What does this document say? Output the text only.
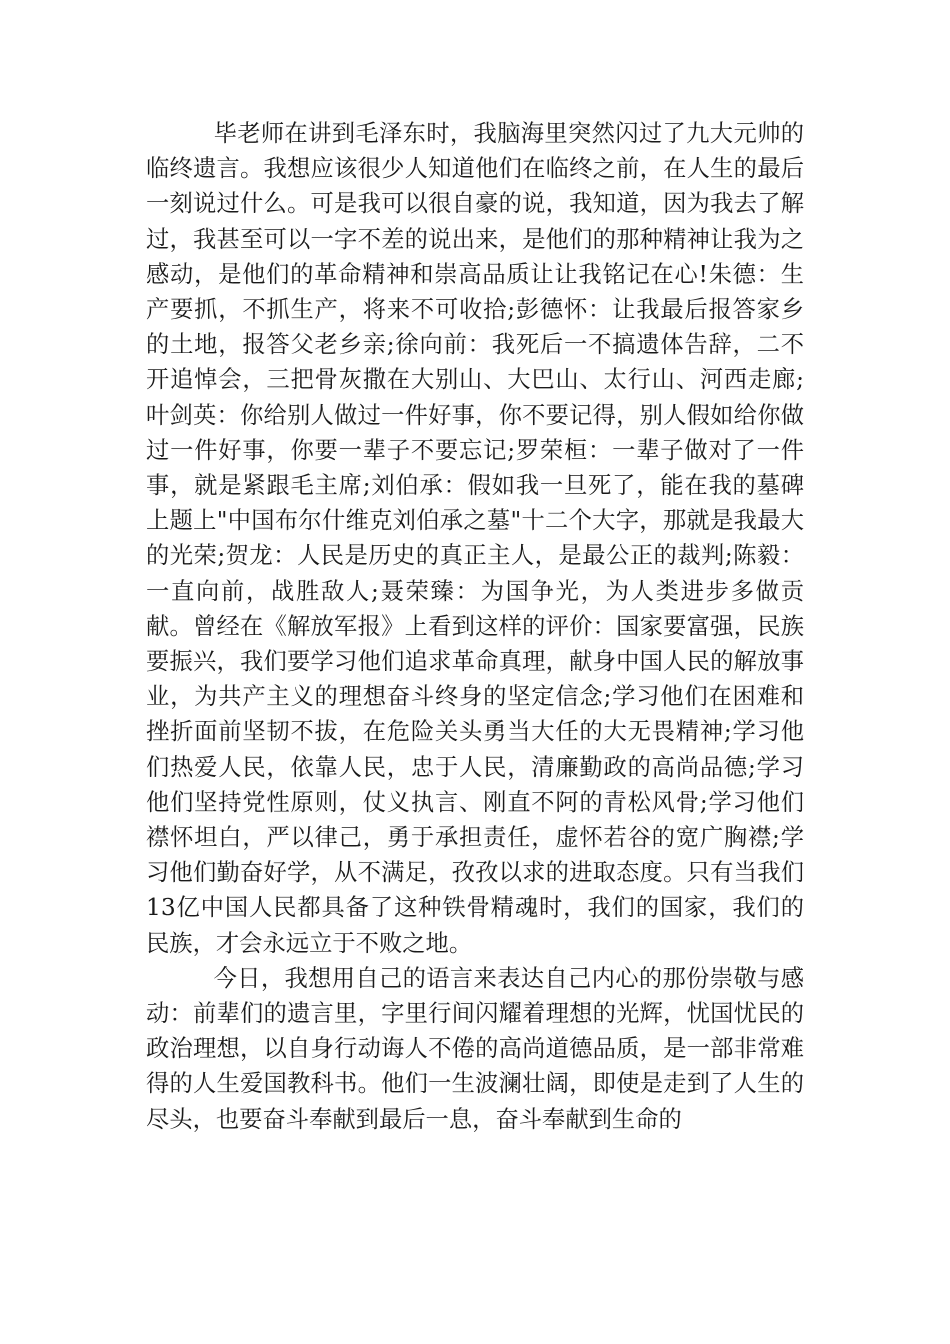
毕老师在讲到毛泽东时，我脑海里突然闪过了九大元帅的临终遗言。我想应该很少人知道他们在临终之前，在人生的最后一刻说过什么。可是我可以很自豪的说，我知道，因为我去了解过，我甚至可以一字不差的说出来，是他们的那种精神让我为之感动，是他们的革命精神和崇高品质让让我铭记在心!朱德：生产要抓，不抓生产，将来不可收拾;彭德怀：让我最后报答家乡的土地，报答父老乡亲;徐向前：我死后一不搞遗体告辞，二不开追悼会，三把骨灰撒在大别山、大巴山、太行山、河西走廊;叶剑英：你给别人做过一件好事，你不要记得，别人假如给你做过一件好事，你要一辈子不要忘记;罗荣桓：一辈子做对了一件事，就是紧跟毛主席;刘伯承：假如我一旦死了，能在我的墓碑上题上"中国布尔什维克刘伯承之墓"十二个大字，那就是我最大的光荣;贺龙：人民是历史的真正主人，是最公正的裁判;陈毅：一直向前，战胜敌人;聂荣臻：为国争光，为人类进步多做贡献。曾经在《解放军报》上看到这样的评价：国家要富强，民族要振兴，我们要学习他们追求革命真理，献身中国人民的解放事业，为共产主义的理想奋斗终身的坚定信念;学习他们在困难和挫折面前坚韧不拔，在危险关头勇当大任的大无畏精神;学习他们热爱人民，依靠人民，忠于人民，清廉勤政的高尚品德;学习他们坚持党性原则，仗义执言、刚直不阿的青松风骨;学习他们襟怀坦白，严以律己，勇于承担责任，虚怀若谷的宽广胸襟;学习他们勤奋好学，从不满足，孜孜以求的进取态度。只有当我们13亿中国人民都具备了这种铁骨精魂时，我们的国家，我们的民族，才会永远立于不败之地。

今日，我想用自己的语言来表达自己内心的那份崇敬与感动：前辈们的遗言里，字里行间闪耀着理想的光辉，忧国忧民的政治理想，以自身行动诲人不倦的高尚道德品质，是一部非常难得的人生爱国教科书。他们一生波澜壮阔，即使是走到了人生的尽头，也要奋斗奉献到最后一息，奋斗奉献到生命的
